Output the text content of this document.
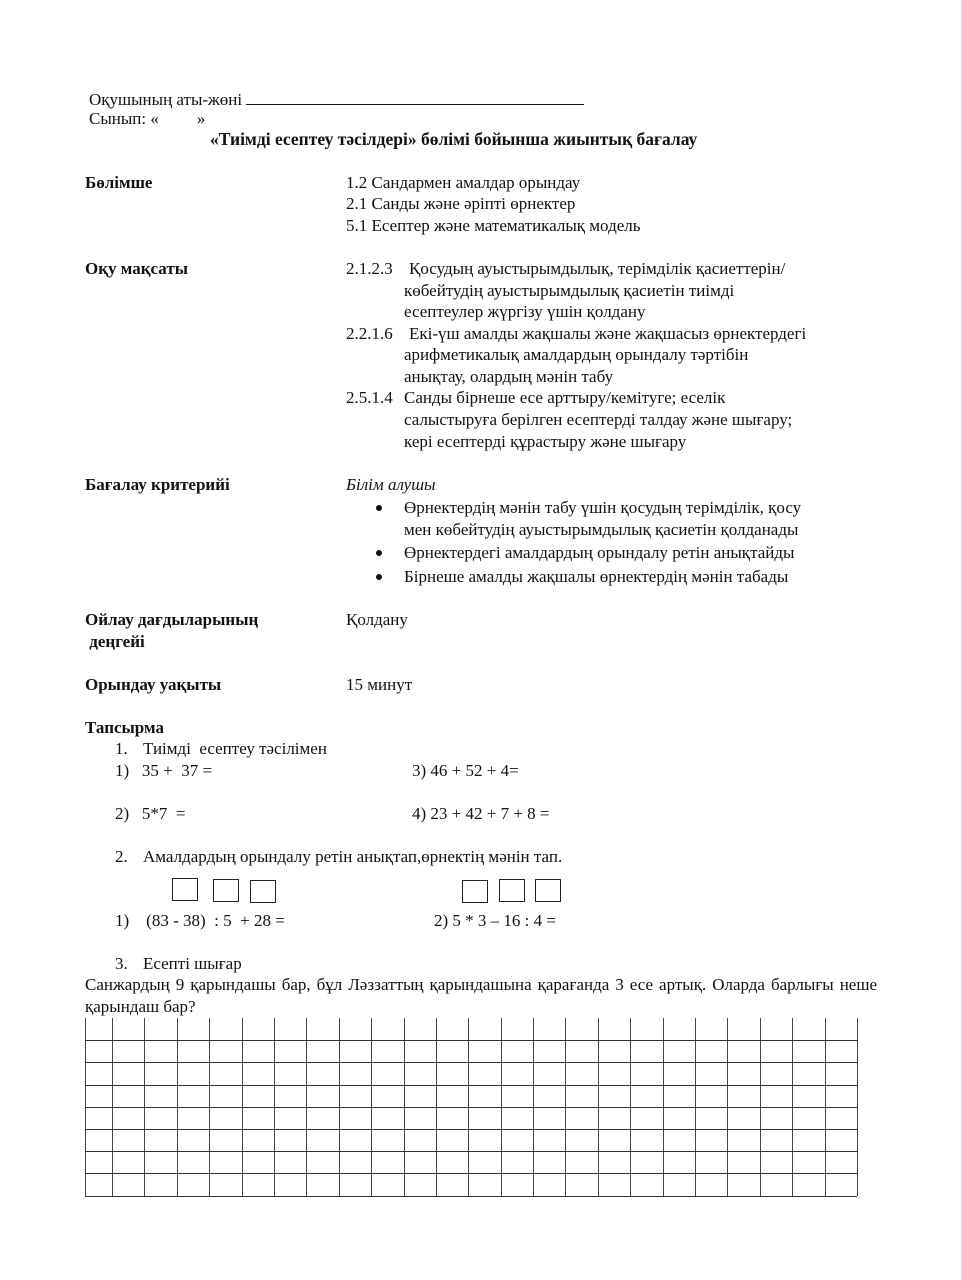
Оқушының аты-жөні
Сынып: « »
«Тиімді есептеу тәсілдері» бөлімі бойынша жиынтық бағалау
Бөлімше	1.2 Сандармен амалдар орындау
2.1 Санды және әріпті өрнектер
5.1 Есептер және математикалық модель
Оқу мақсаты	2.1.2.3 Қосудың ауыстырымдылық, терімділік қасиеттерін/
көбейтудің ауыстырымдылық қасиетін тиімді
есептеулер жүргізу үшін қолдану
2.2.1.6 Екі-үш амалды жақшалы және жақшасыз өрнектердегі
арифметикалық амалдардың орындалу тәртібін
анықтау, олардың мәнін табу
2.5.1.4 Санды бірнеше есе арттыру/кемітуге; еселік
салыстыруға берілген есептерді талдау және шығару;
кері есептерді құрастыру және шығару
Бағалау критерийі	Білім алушы
Өрнектердің мәнін табу үшін қосудың терімділік, қосу
мен көбейтудің ауыстырымдылық қасиетін қолданады
Өрнектердегі амалдардың орындалу ретін анықтайды
Бірнеше амалды жақшалы өрнектердің мәнін табады
Ойлау дағдыларының
деңгейі
Қолдану
Орындау уақыты	15 минут
Тапсырма
1. Тиімді  есептеу тәсілімен
1)   35 +  37 =
2)   5*7  =
3) 46 + 52 + 4=
4) 23 + 42 + 7 + 8 =
2. Амалдардың орындалу ретін анықтап,өрнектің мәнін тап.
1)    (83 - 38)  : 5  + 28 =	2) 5 * 3 – 16 : 4 =
3. Есепті шығар
Санжардың 9 қарындашы бар, бұл Ләззаттың қарындашына қарағанда 3 есе артық. Оларда барлығы неше қарындаш бар?
